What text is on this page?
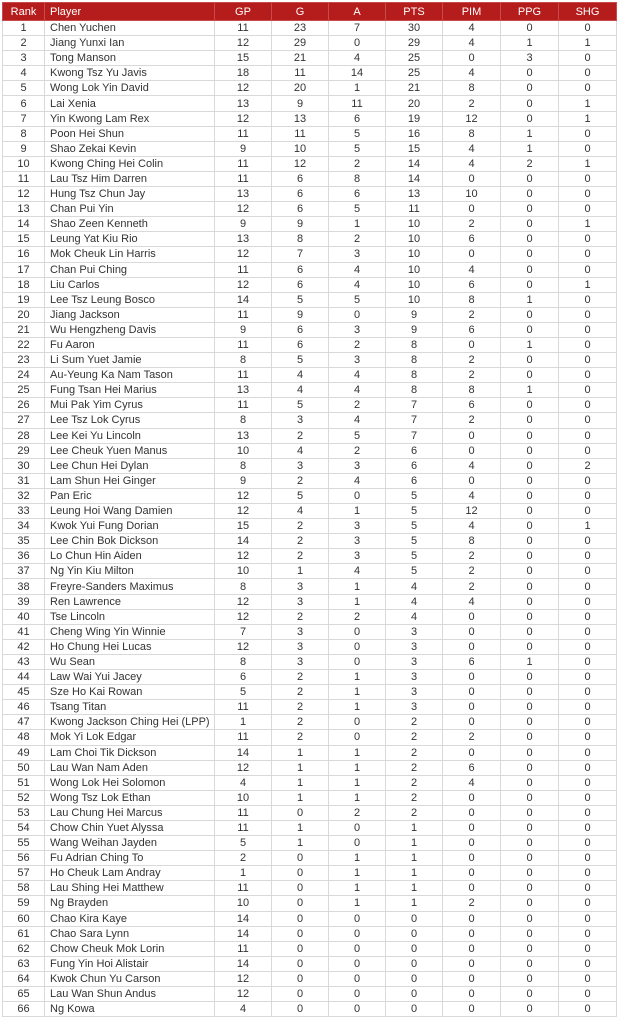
Rank	Player	GP	G	A	PTS	PIM	PPG	SHG
1	Chen Yuchen	11	23	7	30	4	0	0
2	Jiang Yunxi Ian	12	29	0	29	4	1	1
3	Tong Manson	15	21	4	25	0	3	0
4	Kwong Tsz Yu Javis	18	11	14	25	4	0	0
5	Wong Lok Yin David	12	20	1	21	8	0	0
6	Lai Xenia	13	9	11	20	2	0	1
7	Yin Kwong Lam Rex	12	13	6	19	12	0	1
8	Poon Hei Shun	11	11	5	16	8	1	0
9	Shao Zekai Kevin	9	10	5	15	4	1	0
10	Kwong Ching Hei Colin	11	12	2	14	4	2	1
11	Lau Tsz Him Darren	11	6	8	14	0	0	0
12	Hung Tsz Chun Jay	13	6	6	13	10	0	0
13	Chan Pui Yin	12	6	5	11	0	0	0
14	Shao Zeen Kenneth	9	9	1	10	2	0	1
15	Leung Yat Kiu Rio	13	8	2	10	6	0	0
16	Mok Cheuk Lin Harris	12	7	3	10	0	0	0
17	Chan Pui Ching	11	6	4	10	4	0	0
18	Liu Carlos	12	6	4	10	6	0	1
19	Lee Tsz Leung Bosco	14	5	5	10	8	1	0
20	Jiang Jackson	11	9	0	9	2	0	0
21	Wu Hengzheng Davis	9	6	3	9	6	0	0
22	Fu Aaron	11	6	2	8	0	1	0
23	Li Sum Yuet Jamie	8	5	3	8	2	0	0
24	Au-Yeung Ka Nam Tason	11	4	4	8	2	0	0
25	Fung Tsan Hei Marius	13	4	4	8	8	1	0
26	Mui Pak Yim Cyrus	11	5	2	7	6	0	0
27	Lee Tsz Lok Cyrus	8	3	4	7	2	0	0
28	Lee Kei Yu Lincoln	13	2	5	7	0	0	0
29	Lee Cheuk Yuen Manus	10	4	2	6	0	0	0
30	Lee Chun Hei Dylan	8	3	3	6	4	0	2
31	Lam Shun Hei Ginger	9	2	4	6	0	0	0
32	Pan Eric	12	5	0	5	4	0	0
33	Leung Hoi Wang Damien	12	4	1	5	12	0	0
34	Kwok Yui Fung Dorian	15	2	3	5	4	0	1
35	Lee Chin Bok Dickson	14	2	3	5	8	0	0
36	Lo Chun Hin Aiden	12	2	3	5	2	0	0
37	Ng Yin Kiu Milton	10	1	4	5	2	0	0
38	Freyre-Sanders Maximus	8	3	1	4	2	0	0
39	Ren Lawrence	12	3	1	4	4	0	0
40	Tse Lincoln	12	2	2	4	0	0	0
41	Cheng Wing Yin Winnie	7	3	0	3	0	0	0
42	Ho Chung Hei Lucas	12	3	0	3	0	0	0
43	Wu Sean	8	3	0	3	6	1	0
44	Law Wai Yui Jacey	6	2	1	3	0	0	0
45	Sze Ho Kai Rowan	5	2	1	3	0	0	0
46	Tsang Titan	11	2	1	3	0	0	0
47	Kwong Jackson Ching Hei (LPP)	1	2	0	2	0	0	0
48	Mok Yi Lok Edgar	11	2	0	2	2	0	0
49	Lam Choi Tik Dickson	14	1	1	2	0	0	0
50	Lau Wan Nam Aden	12	1	1	2	6	0	0
51	Wong Lok Hei Solomon	4	1	1	2	4	0	0
52	Wong Tsz Lok Ethan	10	1	1	2	0	0	0
53	Lau Chung Hei Marcus	11	0	2	2	0	0	0
54	Chow Chin Yuet Alyssa	11	1	0	1	0	0	0
55	Wang Weihan Jayden	5	1	0	1	0	0	0
56	Fu Adrian Ching To	2	0	1	1	0	0	0
57	Ho Cheuk Lam Andray	1	0	1	1	0	0	0
58	Lau Shing Hei Matthew	11	0	1	1	0	0	0
59	Ng Brayden	10	0	1	1	2	0	0
60	Chao Kira Kaye	14	0	0	0	0	0	0
61	Chao Sara Lynn	14	0	0	0	0	0	0
62	Chow Cheuk Mok Lorin	11	0	0	0	0	0	0
63	Fung Yin Hoi Alistair	14	0	0	0	0	0	0
64	Kwok Chun Yu Carson	12	0	0	0	0	0	0
65	Lau Wan Shun Andus	12	0	0	0	0	0	0
66	Ng Kowa	4	0	0	0	0	0	0
